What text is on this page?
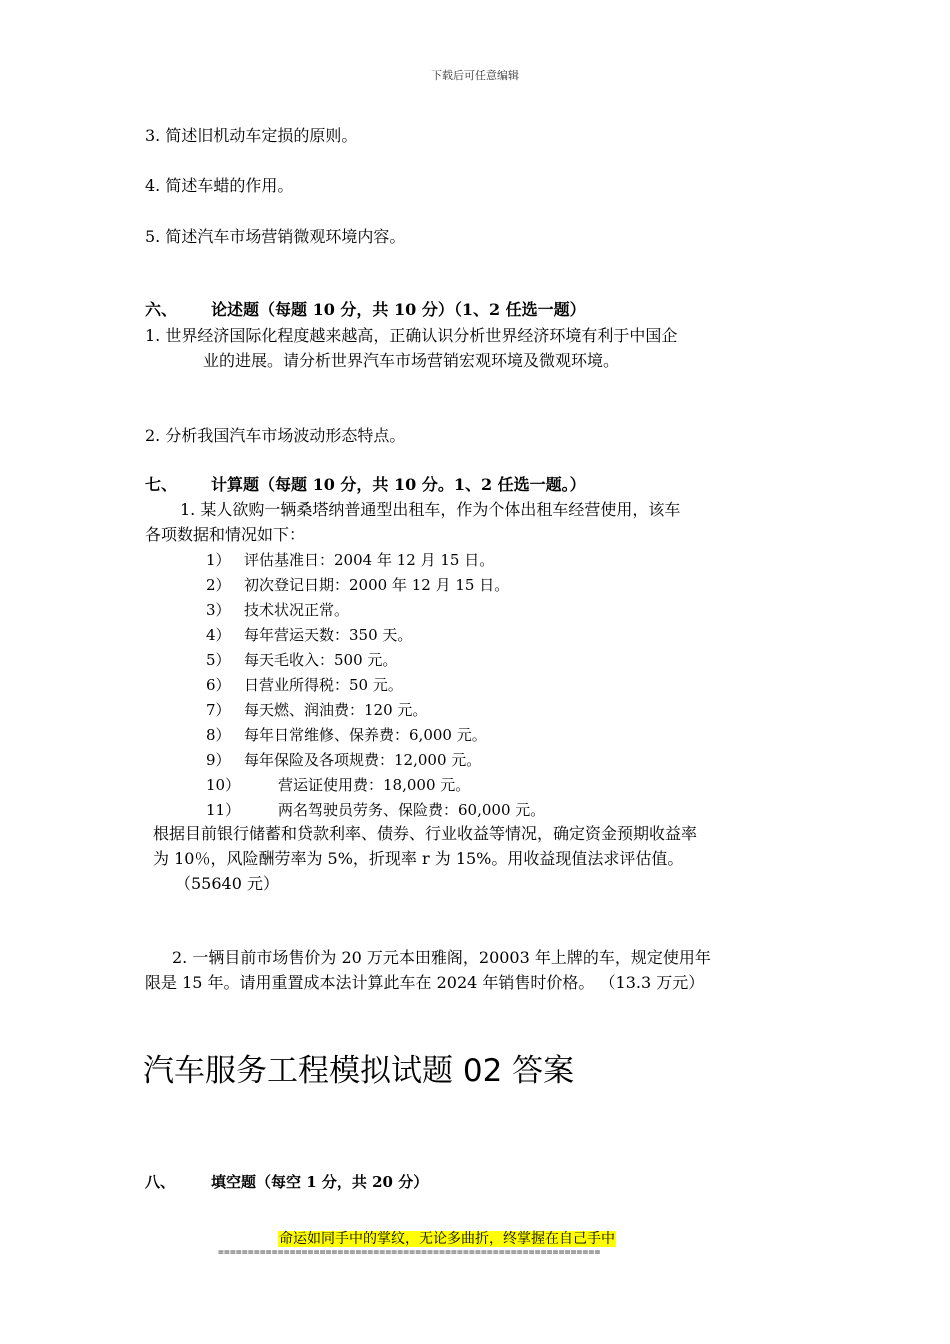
下载后可任意编辑
3. 简述旧机动车定损的原则。
4. 简述车蜡的作用。
5. 简述汽车市场营销微观环境内容。
六、 论述题（每题 10 分，共 10 分）（1、2 任选一题）
1. 世界经济国际化程度越来越高，正确认识分析世界经济环境有利于中国企
业的进展。请分析世界汽车市场营销宏观环境及微观环境。
2. 分析我国汽车市场波动形态特点。
七、 计算题（每题 10 分，共 10 分。1、2 任选一题。）
1. 某人欲购一辆桑塔纳普通型出租车，作为个体出租车经营使用，该车
各项数据和情况如下：
1） 评估基准日：2004 年 12 月 15 日。
2） 初次登记日期：2000 年 12 月 15 日。
3） 技术状况正常。
4） 每年营运天数：350 天。
5） 每天毛收入：500 元。
6） 日营业所得税：50 元。
7） 每天燃、润油费：120 元。
8） 每年日常维修、保养费：6,000 元。
9） 每年保险及各项规费：12,000 元。
10）	营运证使用费：18,000 元。
11）	两名驾驶员劳务、保险费：60,000 元。
根据目前银行储蓄和贷款利率、债券、行业收益等情况，确定资金预期收益率
为 10％，风险酬劳率为 5%，折现率 r 为 15%。用收益现值法求评估值。
（55640 元）
2. 一辆目前市场售价为 20 万元本田雅阁，20003 年上牌的车，规定使用年
限是 15 年。请用重置成本法计算此车在 2024 年销售时价格。 （13.3 万元）
汽车服务工程模拟试题 02 答案
八、 填空题（每空 1 分，共 20 分）
命运如同手中的掌纹，无论多曲折，终掌握在自己手中
================================================================
